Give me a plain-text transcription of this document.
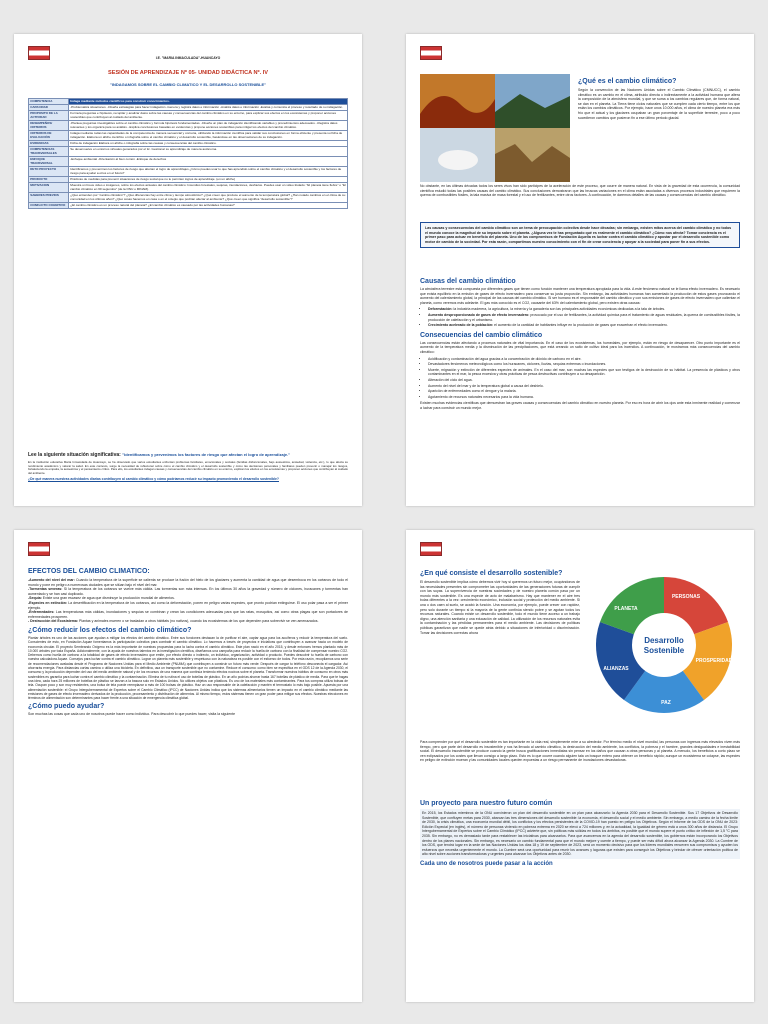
I.E. "MARIA INMACULADA"-HUANCAYO
SESIÓN DE APRENDIZAJE Nº 05- UNIDAD DIDÁCTICA Nº. IV
"INDAGAMOS SOBRE EL CAMBIO CLIMATICO Y EL DESARROLLO SOSTENIBLE"
COMPETENCIA	Indaga mediante métodos científicos para construir conocimientos.
CAPACIDAD	-Problematiza situaciones. -Diseña estrategias para hacer indagación -Genera y registra datos e información -Analiza datos e información -Evalúa y comunica el proceso y resultado de su indagación.
PROPOSITO DE LA ACTIVIDAD	Formula preguntas e hipótesis, recopilar y analizar datos sobre las causas y consecuencias del cambio climático en su entorno, para explicar sus efectos en los ecosistemas y proponer acciones sostenibles que contribuyan al cuidado del ambiente.
DESEMPEÑOS/ CRITERIOS	-Plantea preguntas investigables sobre el cambio climático y formula hipótesis fundamentadas. -Diseña un plan de indagación identificando variables y procedimientos adecuados. -Registra datos relevantes y los organiza para su análisis. -Explica conclusiones basadas en evidencias y propone acciones sostenibles para mitigar los efectos del cambio climático.
CRITERIOS DE EVALUACIÓN	Indaga mediante todas las capacidades de la competencia de manera secuencial y correcta, utilizando la información científica para validar sus conclusiones en forma eficiente y presenta su ficha de indagación. Elabora un afiche científico o infografía sobre el cambio climático y el desarrollo sostenible, basándose en las observaciones de su indagación.
EVIDENCIAS	Ficha de indagación Elabora un afiche o infografía sobre las causas y consecuencias del cambio climático.
COMPETENCIAS TRANSVERSALES	Se desenvuelve en entornos virtuales generados por el tic. Gestionar su aprendizaje de manera autónoma.
ENFOQUE TRANSVERSAL	-Enfoque ambiental -Orientación al bien común -Enfoque de derechos
RETO PROYECTO	Identificamos y prevenimos los factores de riesgo que afectan el logro de aprendizajes ¿Cómo puedes usar lo que has aprendido sobre el cambio climático y el desarrollo sostenible y los factores de riesgo para ayudar a otros en el futuro?
PRODUCTO	Prácticas de medidas para prevenir situaciones de riesgo social que no le permiten logros de aprendizaje. (en un afiche)
MOTIVACION	Muestra un breve video o imágenes, sobre los efectos actuales del cambio climático: Incendios forestales, sequías, inundaciones, deshielos. Puedes usar un video titulado: "El planeta tiene fiebre" o "El cambio climático en 60 segundos" (de la ONU o MINAM).
SABERES PREVIOS	¿Qué entienden por "cambio climático"? ¿Qué diferencias hay entre clima y tiempo atmosférico? ¿Qué creen que produce el aumento de la temperatura global? ¿Han notado cambios en el clima de su comunidad en los últimos años? ¿Qué cosas hacemos en casa o en el colegio que podrían afectar al ambiente? ¿Qué creen que significa "desarrollo sostenible"?
CONFLICTO COGNITIVO	¿El cambio climático es un proceso natural del planeta? ¿El cambio climático es causado por las actividades humanas?
Lee la siguiente situación significativa: "Identificamos y prevenimos los factores de riesgo que afectan el logro de aprendizaje."
En la institución educativa María Inmaculada de Huancayo, se ha observado que varios estudiantes enfrentan problemas familiares, emocionales y sociales (familias disfuncionales, bajo autoestima, ansiedad, violencia, etc.), lo que afecta su rendimiento académico y valorar la salud. En este contexto, surge la necesidad de reflexionar sobre cómo el cambio climático y el desarrollo sostenible y cómo las decisiones personales y familiares pueden prevenir o manejar los riesgos, fortaleciendo la empatía, la autoestima y el pensamiento crítico. Para ello, los estudiantes indagan causas y consecuencias del cambio climático en su entorno, explican los efectos en los ecosistemas y proponen acciones que contribuyan al cuidado del ambiente.
¿De qué manera nuestras actividades diarias contribuyen al cambio climático y cómo podríamos reducir su impacto promoviendo el desarrollo sostenible?
¿Qué es el cambio climático?
Según la convención de las Naciones Unidas sobre el Cambio Climático (CMNUCC), el cambio climático es un cambio en el clima, atribuido directa o indirectamente a la actividad humana que altera la composición de la atmósfera mundial, y que se suma a los cambios regulares que, de forma natural, se dan en el planeta. La Tierra tiene ciclos naturales que se cumplen cada cierto tiempo, entre los que están los cambios climáticos. Por ejemplo, hace unos 10.000 años, el clima de nuestro planeta era más frío que el actual y los glaciares ocupaban un gran porcentaje de la superficie terrestre, poco a poco sucedieron cambios que pusieron fin a ese último periodo glacial.
No obstante, en las últimas décadas todos los seres vivos han sido partícipes de la aceleración de este proceso, que ocurre de manera natural. En vista de la gravedad de esta ocurrencia, la comunidad científica estudió todas las posibles causas del cambio climático. Sus conclusiones demostraron que las bruscas variaciones en el clima están asociadas a diversos procesos industriales que requieren la quema de combustibles fósiles, la tala masiva de masa forestal y el uso de fertilizantes, entre otros factores. A continuación, te daremos detalles de las causas y consecuencias del cambio climático.
Las causas y consecuencias del cambio climático son un tema de preocupación colectiva desde hace décadas; sin embargo, existen mitos acerca del cambio climático y no todos el mundo conoce la magnitud de su impacto sobre el planeta. ¿Alguna vez te has preguntado qué es realmente el cambio climático? ¿Cómo nos afecta? Tomar conciencia es el primer paso para actuar en beneficio del planeta. Uno de los compromisos de Fundación Aquelia es luchar contra el cambio climático y apostar por el desarrollo sostenible como motor de cambio de la sociedad. Por esta razón, compartimos nuestro conocimiento con el fin de crear conciencia y apoyar a la sociedad para poner fin a sus efectos.
Causas del cambio climático
La atmósfera terrestre está compuesta por diferentes gases que tienen como función mantener una temperatura apropiada para la vida. A este fenómeno natural se le llama efecto invernadero. Es necesario que exista equilibrio en la emisión de gases de efecto invernadero para conservar su justa proporción. Sin embargo, las actividades humanas han aumentado la producción de estos gases provocando el aumento del calentamiento global, la principal de las causas del cambio climático. Si ser humano es el responsable del cambio climático y con sus emisiones de gases de efecto invernadero que calientan el planeta, como veremos más adelante. El gas más conocido es el CO2, causante del 63% del calentamiento global, pero existen otras causas:
• Deforestación: la industria maderera, la agricultura, la minería y la ganadería son las principales actividades económicas dedicadas a la tala de árboles.
• Aumento desproporcionado de gases de efecto invernadero: provocado por el uso de fertilizantes, la actividad química para el tratamiento de aguas residuales, la quema de combustibles fósiles, la producción de calefacción y el urbanismo.
• Crecimiento acelerado de la población: el aumento de la cantidad de habitantes influye en la producción de gases que exacerban el efecto invernadero.
Consecuencias del cambio climático
Las consecuencias están afectando a procesos naturales de vital importancia. En el caso de los ecosistemas, los humedales, por ejemplo, están en riesgo de desaparecer. Otro punto importante es el aumento de la temperatura media y la disminución de las precipitaciones, que está creando un salto de cultivo ideal para los incendios. A continuación, te mostramos más consecuencias del cambio climático:
• Acidificación y contaminación del agua gracias a la concentración de dióxido de carbono en el aire.
• Devastadores fenómenos meteorológicos como los huracanes, ciclones, lluvias, sequías extremas o inundaciones.
• Muerte, migración y extinción de diferentes especies de animales. En el caso del mar, son muchas las especies que son testigos de la destrucción de su hábitat. La presencia de plásticos y otros contaminantes en el mar, la pesca excesiva y otras prácticas de pesca destructivas contribuyen a su desaparición.
• Alteración del ciclo del agua.
• Aumento del nivel del mar y de la temperatura global a causa del deshielo.
• Aparición de enfermedades como el dengue y la malaria.
• Agotamiento de recursos naturales necesarios para la vida humana.
Existen muchas evidencias científicas que demuestran las graves causas y consecuencias del cambio climático en nuestro planeta. Por eso es hora de abrir los ojos ante esta inminente realidad y comenzar a luchar para construir un mundo mejor.
EFECTOS DEL CAMBIO CLIMATICO:
-Aumento del nivel del mar: Cuando la temperatura de la superficie se calienta se produce la fusión del hielo de los glaciares y aumenta la cantidad de agua que desemboca en los océanos de todo el mundo y pone en peligro a numerosas ciudades que se sitúan bajo el nivel del mar.
-Tormentas severas: Si la temperatura de los océanos se vuelve más cálida. Las tormentas son más intensas. En los últimos 30 años la gravedad y número de ciclones, huracanes y tormentas han aumentado y se han casi duplicado.
-Sequía: Existe una gran escasez de agua que disminuye la producción mundial de alimentos.
-Especies en extinción: La desertificación en la temperatura de los océanos, así como la deforestación, ponen en peligro varias especies, que pronto podrían extinguirse. El oso polar pasa a ser el primer ejemplo.
-Enfermedades: Las temperaturas más cálidas, inundaciones y sequías se combinan y crean las condiciones adecuadas para que las ratas, mosquitos, así como otras plagas que son portadores de enfermedades prosperen.
- Destrucción del Ecosistema: Plantas y animales mueren o se trasladan a otros hábitats (no nativos), cuando los ecosistemas de los que dependen para sobrevivir se ven amenazados.
¿Cómo reducir los efectos del cambio climático?
Plantar árboles es uno de las acciones que ayudan a mitigar los efectos del cambio climático. Entre sus funciones destacan la de purificar el aire, captar agua para los acuíferos y reducir la temperatura del suelo. Conscientes de esto, en Fundación Aquae fomentamos la participación colectiva para combatir el cambio climático. Lo hacemos a través de proyectos e iniciativas que contribuyen a avanzar hacia un modelo de economía circular. El proyecto Sembrando Oxígeno es la más importante de nuestras propuestas para la lucha contra el cambio climático. Este plan nació en el año 2015, y desde entonces hemos plantado más de 10.000 árboles por toda España. Adicionalmente, con la ayuda de nuestros talentos en la investigación científica, diseñamos una campaña para reducir la huella de carbono con la finalidad de compensar nuestro CO2. Debemos como huella de carbono a la totalidad de gases de efecto invernadero que emite, por efecto directo o indirecto, un individuo, organización, actividad o producto. Puedes descubrir tu huella de carbono con nuestra calculadora Aquae. Consejos para luchar contra el cambio climático. Lograr un planeta más sostenible y respetuoso con la naturaleza es posible con el esfuerzo de todos. Por esta razón, recopilamos una serie de recomendaciones avaladas desde el Programa de Naciones Unidas para el Medio Ambiente (PNUMA) que contribuyen a construir un futuro más verde: Después de cargar tu teléfono desconecta el cargador. Así ahorrarás energía. Para distancias cortas camina o utiliza una bicicleta. En definitiva, usa un transporte sostenible que no contamine. Reduce el consumo: como bien se especifica en el ODS 12 de la Agenda 2030, el consumo y la producción dependen del uso del medio ambiente natural y de los recursos de una manera que continúa teniendo efectos nocivos sobre el planeta. Transformar nuestros hábitos de consumo en otros más sostenibles es garantía para luchar contra el cambio climático y la contaminación. Elimina de tu rutina el uso de botellas de plástico. En un año podrías ahorrar hasta 167 botellas de plástico de media. Para que te hagas una idea, cada hora 25 millones de botellas de plástico se lanzan a la basura solo en Estados Unidos. No utilices objetos con plásticos. Es uno de los materiales más contaminantes. Para tus compras utiliza bolsas de tela. Ocupan poco y son muy resistentes, una bolsa de tela puede reemplazar a más de 100 bolsas de plástico. Haz un uso responsable de la calefacción y mantén el termostato lo más bajo posible. Apuesta por una alimentación sostenible: el Grupo Intergubernamental de Expertos sobre el Cambio Climático (IPCC) de Naciones Unidas indica que los sistemas alimentarios tienen un impacto en el cambio climático mediante las emisiones de gases de efecto invernadero derivados de la producción, procesamiento y distribución de alimentos. Al mismo tiempo, estos sistemas tienen un gran poder para mitigar sus efectos. Nuestras elecciones en términos de alimentación son determinantes para hacer frente a una situación de emergencia climática global.
¿Cómo puedo ayudar?
Son muchas las cosas que cada uno de nosotros puede hacer como individuo. Para descubrir lo que puedes hacer, visita la siguiente
¿En qué consiste el desarrollo sostenible?
El desarrollo sostenible implica cómo debemos vivir hoy si queremos un futuro mejor, ocupándonos de las necesidades presentes sin comprometer las oportunidades de las generaciones futuras de cumplir con las suyas. La supervivencia de nuestras sociedades y de nuestro planeta común pasa por un mundo más sostenible. Es una especie de acto de malabarismo. Hay que mantener en el aire tres bolas diferentes a la vez: crecimiento económico, inclusión social y protección del medio ambiente. Si una o dos caen al suelo, se acabó la función. Una economía, por ejemplo, puede crecer con rapidez, pero solo durante un tiempo si la mayoría de la gente continúa siendo pobre y se agotan todos los recursos naturales. Cuando existe un desarrollo sostenible, todo el mundo tiene acceso a un trabajo digno, una atención sanitaria y una educación de calidad. La utilización de los recursos naturales evita la contaminación y las pérdidas permanentes para el medio ambiente. Las decisiones de políticas públicas garantizan que nadie se quede atrás debido a situaciones de inferioridad o discriminación. Tomar las decisiones correctas ahora
Desarrollo
Sostenible
PERSONAS
PLANETA
PROSPERIDAD
ALIANZAS
PAZ
Para comprender por qué el desarrollo sostenible es tan importante en la vida real, simplemente mire a su alrededor. Por término medio el nivel mundial, las personas con ingresos más elevados viven más tiempo, pero que parte del desarrollo es insostenible y nos ha llevado al cambio climático, la destrucción del medio ambiente, los conflictos, la pobreza y el hambre, grandes desigualdades e inestabilidad social. El desarrollo insostenible se produce cuando la gente busca gratificaciones inmediatas sin pensar en los daños que causan a otras personas y al planeta. A menudo, los beneficios a corto plazo se ven eclipsados por los costes que llevan consigo a largo plazo. Esto es lo que ocurre cuando alguien tala un bosque entero para obtener un beneficio rápido; aunque un ecosistema se colapse, las especies en peligro de extinción mueran y las comunidades locales queden expuestas a un riesgo permanente de inundaciones devastadoras.
Un proyecto para nuestro futuro común
En 2015, los Estados miembros de la ONU convinieron un plan del desarrollo sostenible en un plan para alcanzarlo: la Agenda 2030 para el Desarrollo Sostenible. Sus 17 Objetivos de Desarrollo Sostenible, que confluyen metas para 2030, abarcan las tres dimensiones del desarrollo sostenible: la economía, el desarrollo social y el medio ambiente. Sin embargo, a medio camino de la fecha límite de 2030, la crisis climática, una economía mundial débil, los conflictos y los efectos persistentes de la COVID-19 han puesto en peligro los Objetivos. Según el Informe de los ODS de la ONU de 2023: Edición Especial (en inglés), el número de personas viviendo en pobreza extrema en 2020 se elevó a 724 millones y, en la actualidad, la igualdad de género está a unos 300 años de distancia. El Grupo Intergubernamental de Expertos sobre el Cambio Climático (IPCC) advierte que, sin políticas más sólidas en todos los ámbitos, es posible que el mundo supere el punto crítico de inflexión de 1,5 °C para 2035. Sin embargo, no es demasiado tarde para restablecer las iniciativas para alcanzarlos. Para que avancemos en la agenda del desarrollo sostenible, los gobiernos están incorporando los Objetivos dentro de los planes nacionales. Sin embargo, es necesario un cambio fundamental para que el mundo mejore y cuente a tiempo, y puede ser más difícil ahora alcanzar la Agenda 2030. La Cumbre de los ODS, que tendrá lugar en la sede de las Naciones Unidas los días 18 y 19 de septiembre de 2023, será un momento decisivo para que los líderes mundiales renueven sus compromisos y ayuden los esfuerzos que necesita urgentemente el mundo. La Cumbre será una oportunidad para reunir los avances y lagunas que existen para conseguir los Objetivos y brindar de ofrecer orientación política de alto nivel sobre acciones transformadoras y urgentes para alcanzar los Objetivos antes de 2030.
Cada uno de nosotros puede pasar a la acción
